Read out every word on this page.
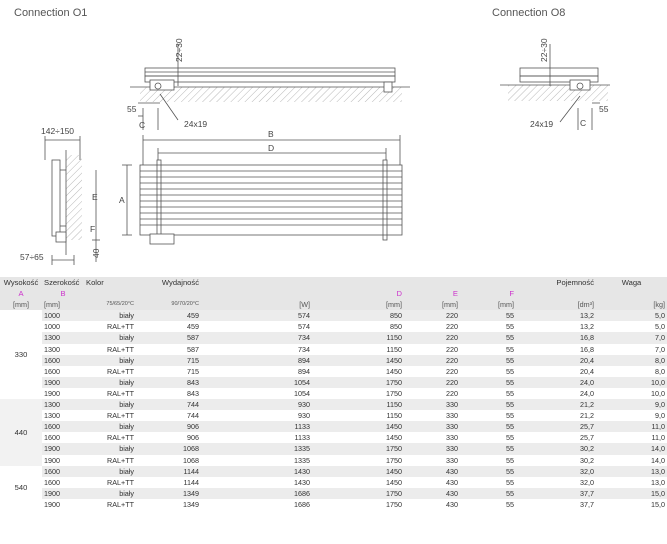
Connection O1	Connection O8
22÷30
55
C	24x19
22÷30
55
C
24x19
142÷150
57÷65
E
F
40
B
D
A
Wysokość	Szerokość	Kolor	Wydajność					Pojemność	Waga
A	B				D	E	F		
[mm]	[mm]	75/65/20°C	90/70/20°C	[W]	[mm]	[mm]	[mm]	[dm³]	[kg]
330	1000	biały	459	574	850	220	55	13,2	5,0
	1000	RAL+TT	459	574	850	220	55	13,2	5,0
	1300	biały	587	734	1150	220	55	16,8	7,0
	1300	RAL+TT	587	734	1150	220	55	16,8	7,0
	1600	biały	715	894	1450	220	55	20,4	8,0
	1600	RAL+TT	715	894	1450	220	55	20,4	8,0
	1900	biały	843	1054	1750	220	55	24,0	10,0
	1900	RAL+TT	843	1054	1750	220	55	24,0	10,0
440	1300	biały	744	930	1150	330	55	21,2	9,0
	1300	RAL+TT	744	930	1150	330	55	21,2	9,0
	1600	biały	906	1133	1450	330	55	25,7	11,0
	1600	RAL+TT	906	1133	1450	330	55	25,7	11,0
	1900	biały	1068	1335	1750	330	55	30,2	14,0
	1900	RAL+TT	1068	1335	1750	330	55	30,2	14,0
540	1600	biały	1144	1430	1450	430	55	32,0	13,0
	1600	RAL+TT	1144	1430	1450	430	55	32,0	13,0
	1900	biały	1349	1686	1750	430	55	37,7	15,0
	1900	RAL+TT	1349	1686	1750	430	55	37,7	15,0
